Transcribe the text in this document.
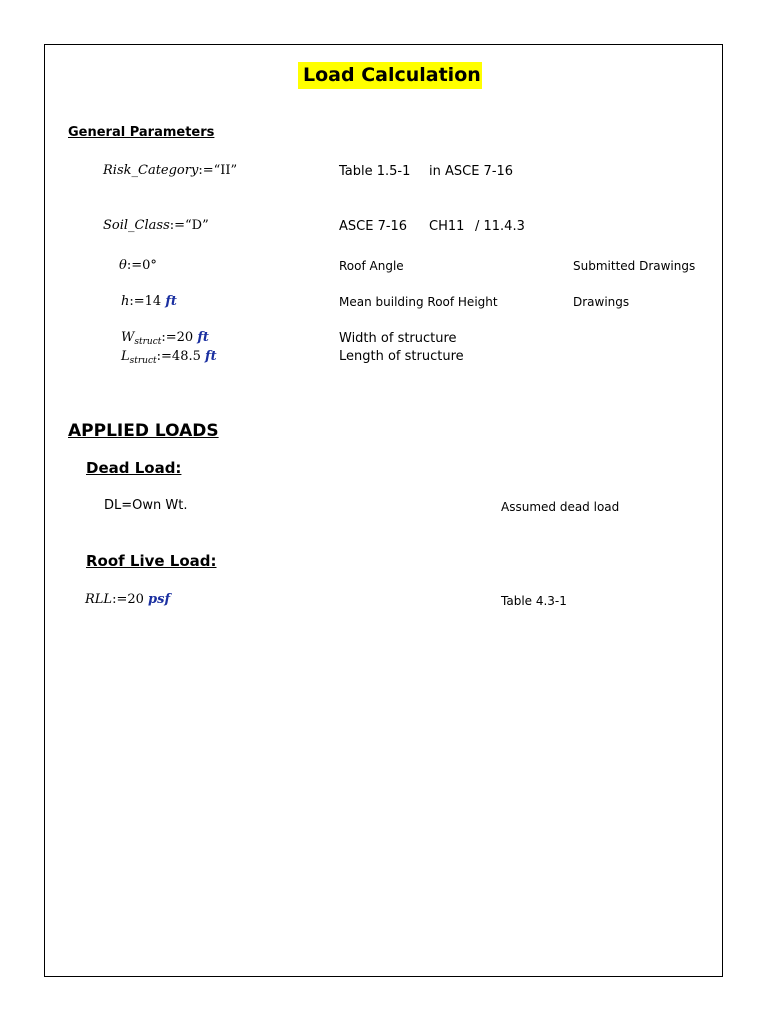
Load Calculation
General Parameters
Risk_Category:=“II”	Table 1.5-1 in ASCE 7-16
Soil_Class:=“D”	ASCE 7-16 CH11 / 11.4.3
θ:=0°	Roof Angle	Submitted Drawings
h:=14 ft	Mean building Roof Height	Drawings
$W_{struct}:=20$ ft	Width of structure
$L_{struct}:=48.5$ ft	Length of structure
APPLIED LOADS
Dead Load:
DL=Own Wt.	Assumed dead load
Roof Live Load:
RLL:=20 psf	Table 4.3-1
